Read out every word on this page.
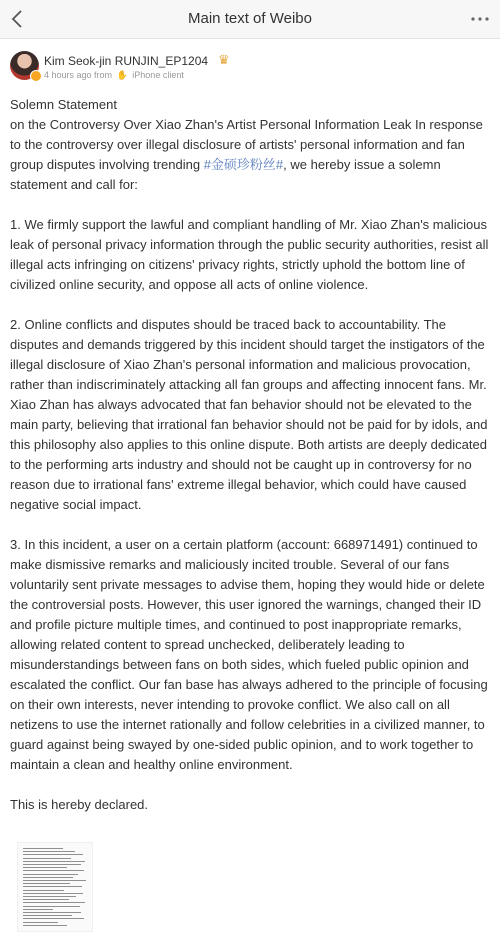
Main text of Weibo
Kim Seok-jin RUNJIN_EP1204 ♛
4 hours ago from ✋ iPhone client

Solemn Statement

on the Controversy Over Xiao Zhan's Artist Personal Information Leak In response to the controversy over illegal disclosure of artists' personal information and fan group disputes involving trending #金硕珍粉丝#, we hereby issue a solemn statement and call for:

1. We firmly support the lawful and compliant handling of Mr. Xiao Zhan's malicious leak of personal privacy information through the public security authorities, resist all illegal acts infringing on citizens' privacy rights, strictly uphold the bottom line of civilized online security, and oppose all acts of online violence.

2. Online conflicts and disputes should be traced back to accountability. The disputes and demands triggered by this incident should target the instigators of the illegal disclosure of Xiao Zhan's personal information and malicious provocation, rather than indiscriminately attacking all fan groups and affecting innocent fans. Mr. Xiao Zhan has always advocated that fan behavior should not be elevated to the main party, believing that irrational fan behavior should not be paid for by idols, and this philosophy also applies to this online dispute. Both artists are deeply dedicated to the performing arts industry and should not be caught up in controversy for no reason due to irrational fans' extreme illegal behavior, which could have caused negative social impact.

3. In this incident, a user on a certain platform (account: 668971491) continued to make dismissive remarks and maliciously incited trouble. Several of our fans voluntarily sent private messages to advise them, hoping they would hide or delete the controversial posts. However, this user ignored the warnings, changed their ID and profile picture multiple times, and continued to post inappropriate remarks, allowing related content to spread unchecked, deliberately leading to misunderstandings between fans on both sides, which fueled public opinion and escalated the conflict. Our fan base has always adhered to the principle of focusing on their own interests, never intending to provoke conflict. We also call on all netizens to use the internet rationally and follow celebrities in a civilized manner, to guard against being swayed by one-sided public opinion, and to work together to maintain a clean and healthy online environment.

This is hereby declared.
